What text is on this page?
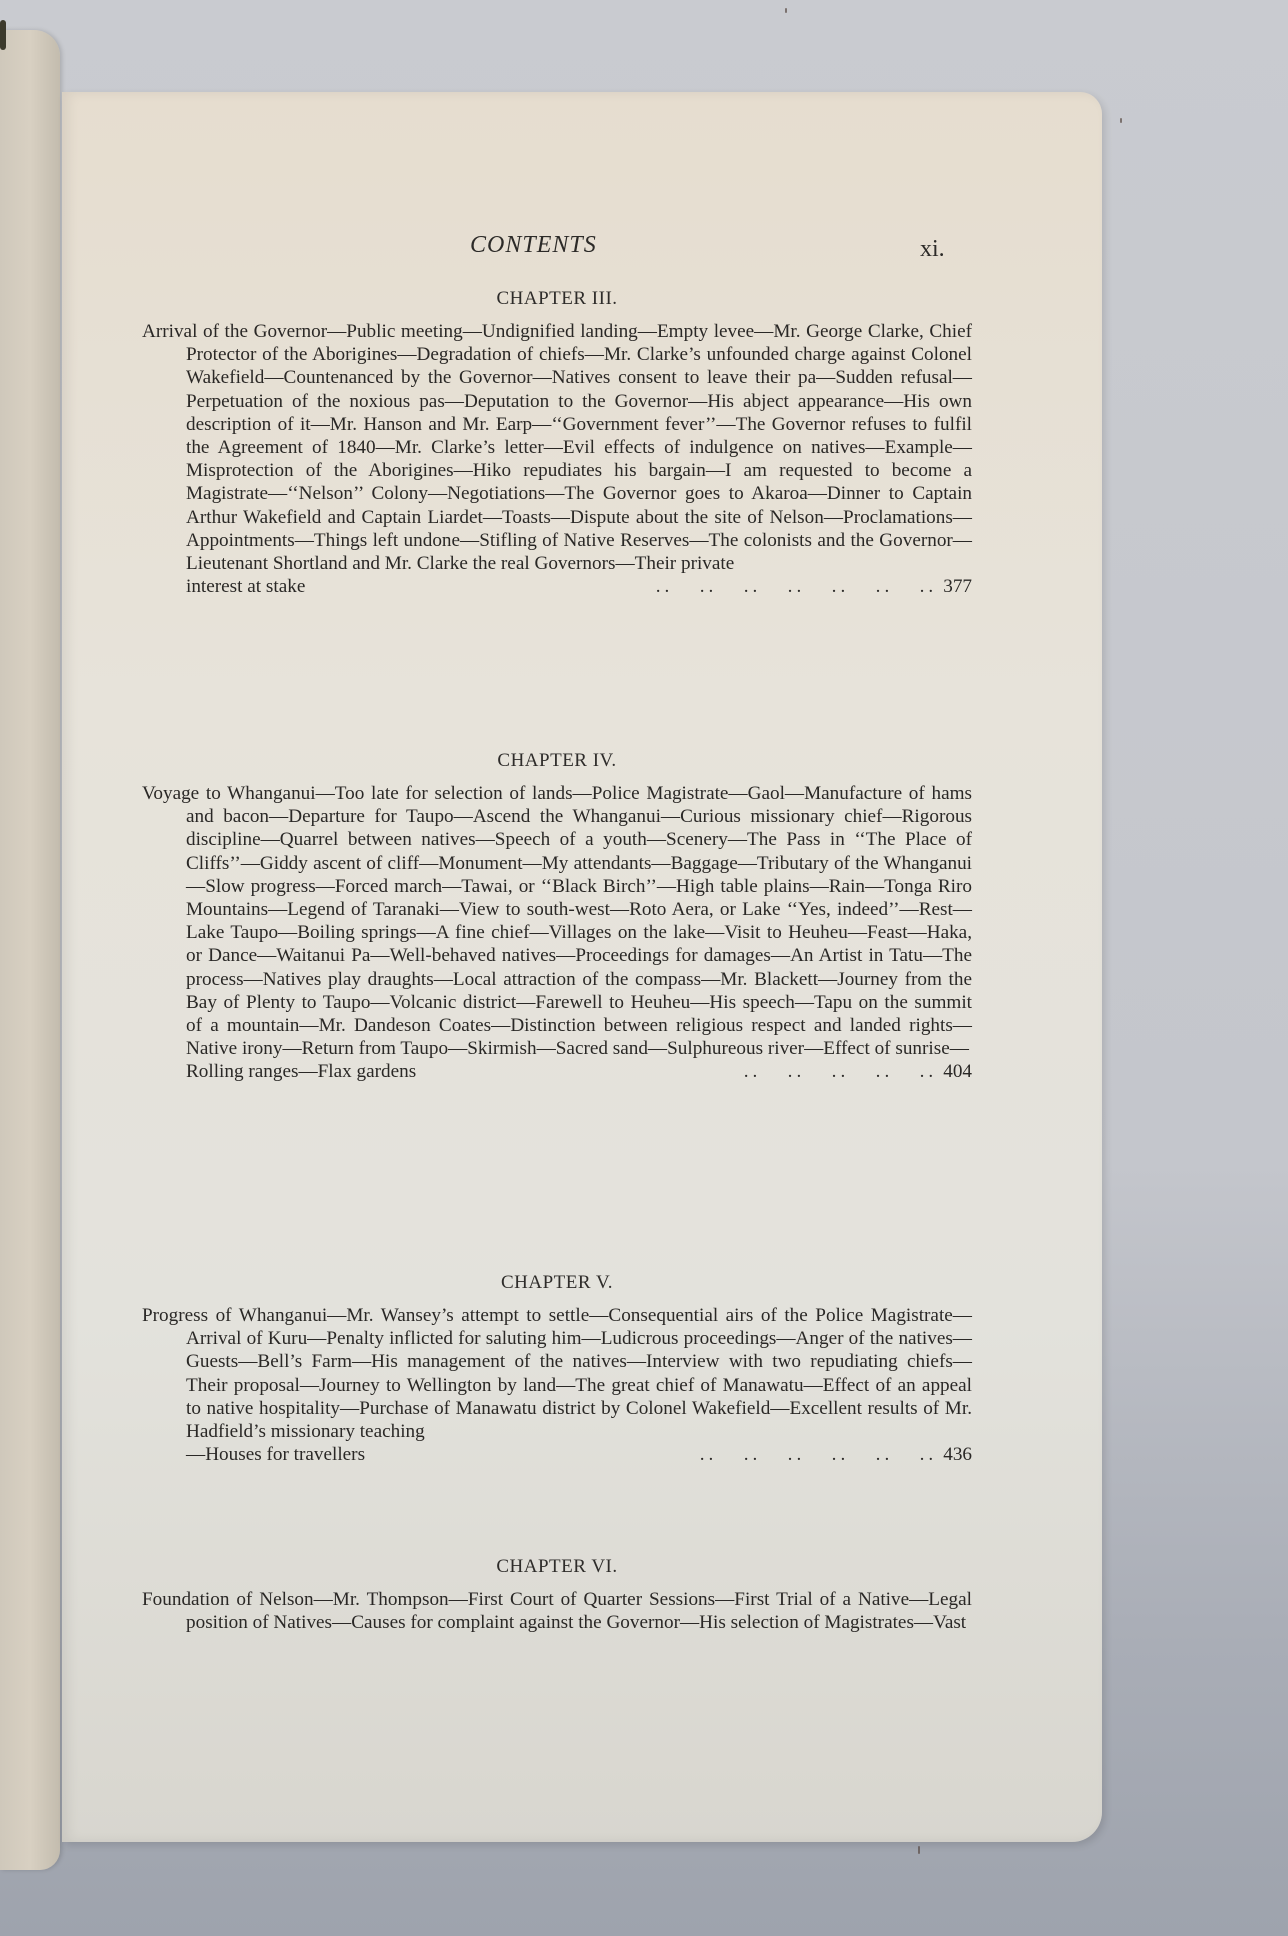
CONTENTS	xi.
CHAPTER III.
Arrival of the Governor—Public meeting—Undignified landing—Empty levee—Mr. George Clarke, Chief Protector of the Aborigines—Degradation of chiefs—Mr. Clarke’s unfounded charge against Colonel Wakefield—Countenanced by the Governor—Natives consent to leave their pa—Sudden refusal—Perpetuation of the noxious pas—Deputation to the Governor—His abject appearance—His own description of it—Mr. Hanson and Mr. Earp—‘‘Government fever’’—The Governor refuses to fulfil the Agreement of 1840—Mr. Clarke’s letter—Evil effects of indulgence on natives—Example—Misprotection of the Aborigines—Hiko repudiates his bargain—I am requested to become a Magistrate—‘‘Nelson’’ Colony—Negotiations—The Governor goes to Akaroa—Dinner to Captain Arthur Wakefield and Captain Liardet—Toasts—Dispute about the site of Nelson—Proclamations—Appointments—Things left undone—Stifling of Native Reserves—The colonists and the Governor—Lieutenant Shortland and Mr. Clarke the real Governors—Their private
interest at stake	..   ..   ..   ..   ..   ..   .. 377
CHAPTER IV.
Voyage to Whanganui—Too late for selection of lands—Police Magistrate—Gaol—Manufacture of hams and bacon—Departure for Taupo—Ascend the Whanganui—Curious missionary chief—Rigorous discipline—Quarrel between natives—Speech of a youth—Scenery—The Pass in ‘‘The Place of Cliffs’’—Giddy ascent of cliff—Monument—My attendants—Baggage—Tributary of the Whanganui—Slow progress—Forced march—Tawai, or ‘‘Black Birch’’—High table plains—Rain—Tonga Riro Mountains—Legend of Taranaki—View to south-west—Roto Aera, or Lake ‘‘Yes, indeed’’—Rest—Lake Taupo—Boiling springs—A fine chief—Villages on the lake—Visit to Heuheu—Feast—Haka, or Dance—Waitanui Pa—Well-behaved natives—Proceedings for damages—An Artist in Tatu—The process—Natives play draughts—Local attraction of the compass—Mr. Blackett—Journey from the Bay of Plenty to Taupo—Volcanic district—Farewell to Heuheu—His speech—Tapu on the summit of a mountain—Mr. Dandeson Coates—Distinction between religious respect and landed rights—Native irony—Return from Taupo—Skirmish—Sacred sand—Sulphureous river—Effect of sunrise—
Rolling ranges—Flax gardens	..   ..   ..   ..   .. 404
CHAPTER V.
Progress of Whanganui—Mr. Wansey’s attempt to settle—Consequential airs of the Police Magistrate—Arrival of Kuru—Penalty inflicted for saluting him—Ludicrous proceedings—Anger of the natives—Guests—Bell’s Farm—His management of the natives—Interview with two repudiating chiefs—Their proposal—Journey to Wellington by land—The great chief of Manawatu—Effect of an appeal to native hospitality—Purchase of Manawatu district by Colonel Wakefield—Excellent results of Mr. Hadfield’s missionary teaching
—Houses for travellers	..   ..   ..   ..   ..   .. 436
CHAPTER VI.
Foundation of Nelson—Mr. Thompson—First Court of Quarter Sessions—First Trial of a Native—Legal position of Natives—Causes for complaint against the Governor—His selection of Magistrates—Vast
